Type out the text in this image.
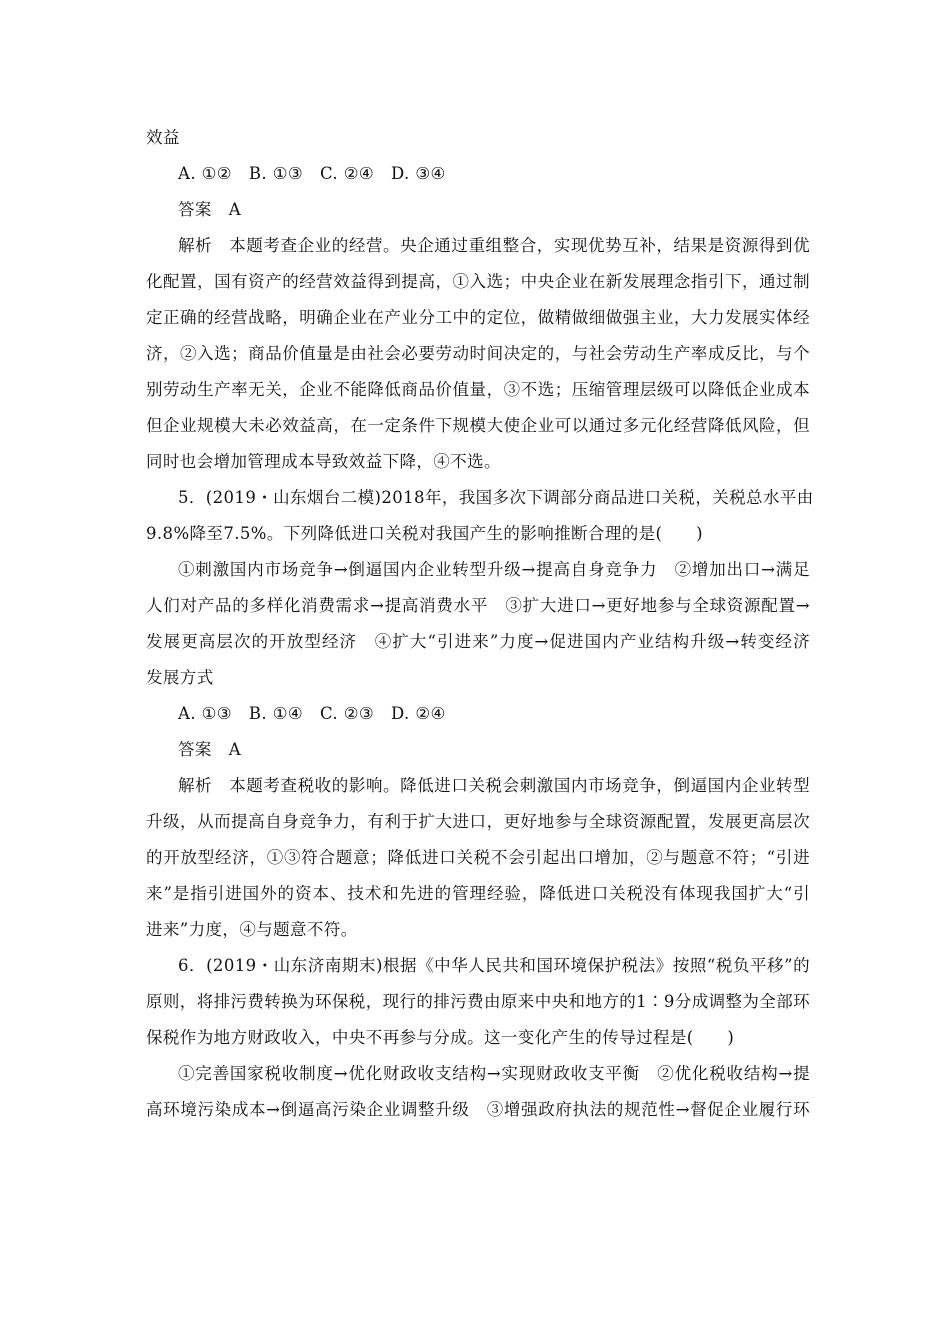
效益
A. ①②　B. ①③　C. ②④　D. ③④
答案　A
解析　本题考查企业的经营。央企通过重组整合，实现优势互补，结果是资源得到优
化配置，国有资产的经营效益得到提高，①入选；中央企业在新发展理念指引下，通过制
定正确的经营战略，明确企业在产业分工中的定位，做精做细做强主业，大力发展实体经
济，②入选；商品价值量是由社会必要劳动时间决定的，与社会劳动生产率成反比，与个
别劳动生产率无关，企业不能降低商品价值量，③不选；压缩管理层级可以降低企业成本
但企业规模大未必效益高，在一定条件下规模大使企业可以通过多元化经营降低风险，但
同时也会增加管理成本导致效益下降，④不选。
5．(2019・山东烟台二模)2018年，我国多次下调部分商品进口关税，关税总水平由
9.8%降至7.5%。下列降低进口关税对我国产生的影响推断合理的是(　　)
①刺激国内市场竞争→倒逼国内企业转型升级→提高自身竞争力　②增加出口→满足
人们对产品的多样化消费需求→提高消费水平　③扩大进口→更好地参与全球资源配置→
发展更高层次的开放型经济　④扩大“引进来”力度→促进国内产业结构升级→转变经济
发展方式
A. ①③　B. ①④　C. ②③　D. ②④
答案　A
解析　本题考查税收的影响。降低进口关税会刺激国内市场竞争，倒逼国内企业转型
升级，从而提高自身竞争力，有利于扩大进口，更好地参与全球资源配置，发展更高层次
的开放型经济，①③符合题意；降低进口关税不会引起出口增加，②与题意不符；“引进
来”是指引进国外的资本、技术和先进的管理经验，降低进口关税没有体现我国扩大“引
进来”力度，④与题意不符。
6．(2019・山东济南期末)根据《中华人民共和国环境保护税法》按照“税负平移”的
原则，将排污费转换为环保税，现行的排污费由原来中央和地方的1∶9分成调整为全部环
保税作为地方财政收入，中央不再参与分成。这一变化产生的传导过程是(　　)
①完善国家税收制度→优化财政收支结构→实现财政收支平衡　②优化税收结构→提
高环境污染成本→倒逼高污染企业调整升级　③增强政府执法的规范性→督促企业履行环
